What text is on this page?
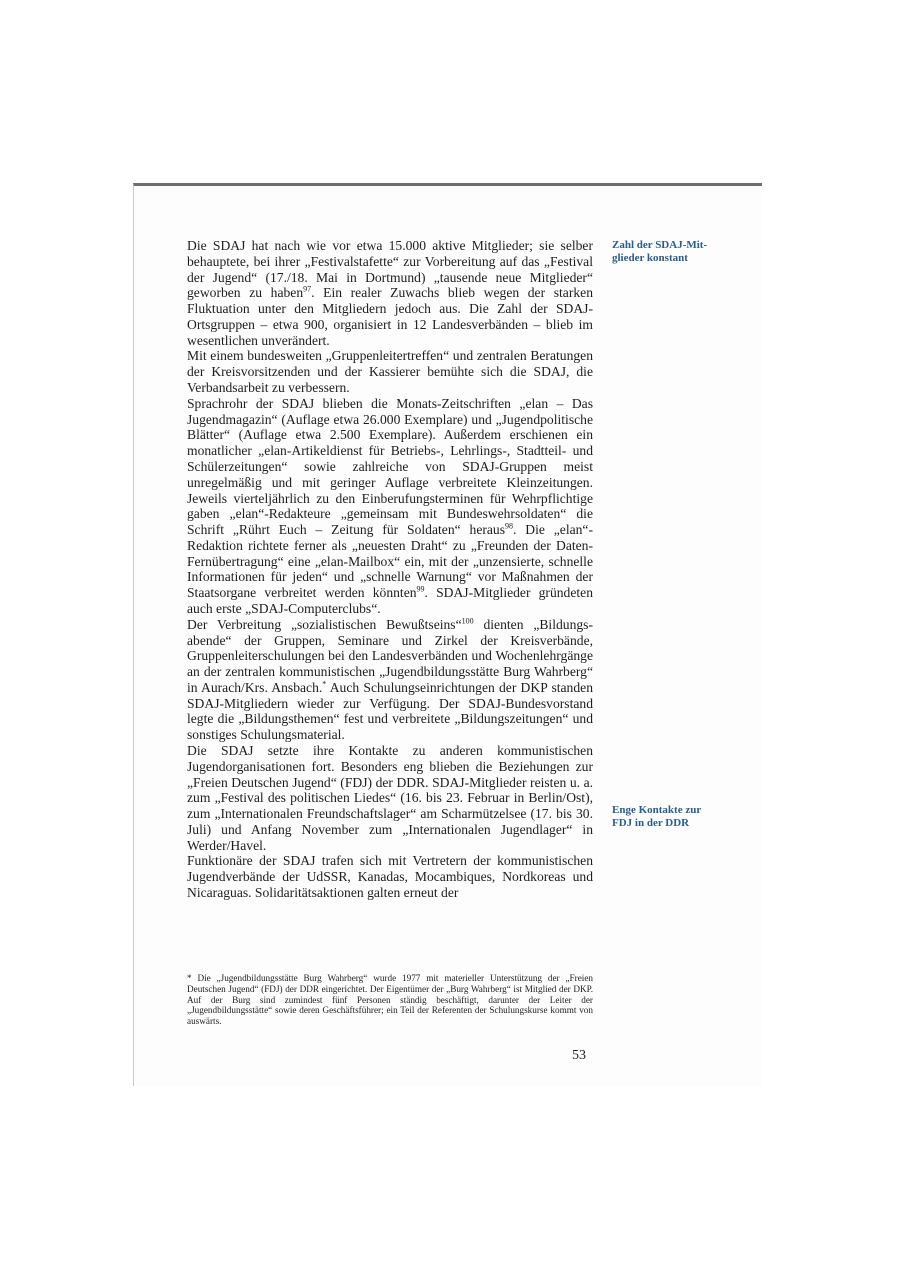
Zahl der SDAJ-Mit-glieder konstant
Enge Kontakte zur FDJ in der DDR

Die SDAJ hat nach wie vor etwa 15.000 aktive Mitglieder; sie selber behauptete, bei ihrer „Festivalstafette“ zur Vorbereitung auf das „Festival der Jugend“ (17./18. Mai in Dortmund) „tausende neue Mitglieder“ geworben zu haben$^{97}$. Ein realer Zuwachs blieb wegen der starken Fluktuation unter den Mitgliedern jedoch aus. Die Zahl der SDAJ-Ortsgruppen – etwa 900, organisiert in 12 Landesverbänden – blieb im wesentlichen unverändert.

Mit einem bundesweiten „Gruppenleitertreffen“ und zentralen Beratungen der Kreisvorsitzenden und der Kassierer bemühte sich die SDAJ, die Verbandsarbeit zu verbessern.

Sprachrohr der SDAJ blieben die Monats-Zeitschriften „elan – Das Jugendmagazin“ (Auflage etwa 26.000 Exemplare) und „Jugendpolitische Blätter“ (Auflage etwa 2.500 Exemplare). Außerdem erschienen ein monatlicher „elan-Artikeldienst für Betriebs-, Lehrlings-, Stadtteil- und Schülerzeitungen“ sowie zahlreiche von SDAJ-Gruppen meist unregelmäßig und mit geringer Auflage verbreitete Kleinzeitungen. Jeweils vierteljährlich zu den Einberufungsterminen für Wehrpflichtige gaben „elan“-Redakteure „gemeinsam mit Bundeswehrsoldaten“ die Schrift „Rührt Euch – Zeitung für Soldaten“ heraus$^{98}$. Die „elan“-Redaktion richtete ferner als „neuesten Draht“ zu „Freunden der Daten-Fernübertragung“ eine „elan-Mailbox“ ein, mit der „unzensierte, schnelle Informationen für jeden“ und „schnelle Warnung“ vor Maßnahmen der Staatsorgane verbreitet werden könnten$^{99}$. SDAJ-Mitglieder gründeten auch erste „SDAJ-Computerclubs“.

Der Verbreitung „sozialistischen Bewußtseins“$^{100}$ dienten „Bildungsabende“ der Gruppen, Seminare und Zirkel der Kreisverbände, Gruppenleiterschulungen bei den Landesverbänden und Wochenlehrgänge an der zentralen kommunistischen „Jugendbildungsstätte Burg Wahrberg“ in Aurach/Krs. Ansbach.* Auch Schulungseinrichtungen der DKP standen SDAJ-Mitgliedern wieder zur Verfügung. Der SDAJ-Bundesvorstand legte die „Bildungsthemen“ fest und verbreitete „Bildungszeitungen“ und sonstiges Schulungsmaterial.

Die SDAJ setzte ihre Kontakte zu anderen kommunistischen Jugendorganisationen fort. Besonders eng blieben die Beziehungen zur „Freien Deutschen Jugend“ (FDJ) der DDR. SDAJ-Mitglieder reisten u. a. zum „Festival des politischen Liedes“ (16. bis 23. Februar in Berlin/Ost), zum „Internationalen Freundschaftslager“ am Scharmützelsee (17. bis 30. Juli) und Anfang November zum „Internationalen Jugendlager“ in Werder/Havel.

Funktionäre der SDAJ trafen sich mit Vertretern der kommunistischen Jugendverbände der UdSSR, Kanadas, Mocambiques, Nordkoreas und Nicaraguas. Solidaritätsaktionen galten erneut der

* Die „Jugendbildungsstätte Burg Wahrberg“ wurde 1977 mit materieller Unterstützung der „Freien Deutschen Jugend“ (FDJ) der DDR eingerichtet. Der Eigentümer der „Burg Wahrberg“ ist Mitglied der DKP. Auf der Burg sind zumindest fünf Personen ständig beschäftigt, darunter der Leiter der „Jugendbildungsstätte“ sowie deren Geschäftsführer; ein Teil der Referenten der Schulungskurse kommt von auswärts.

53
